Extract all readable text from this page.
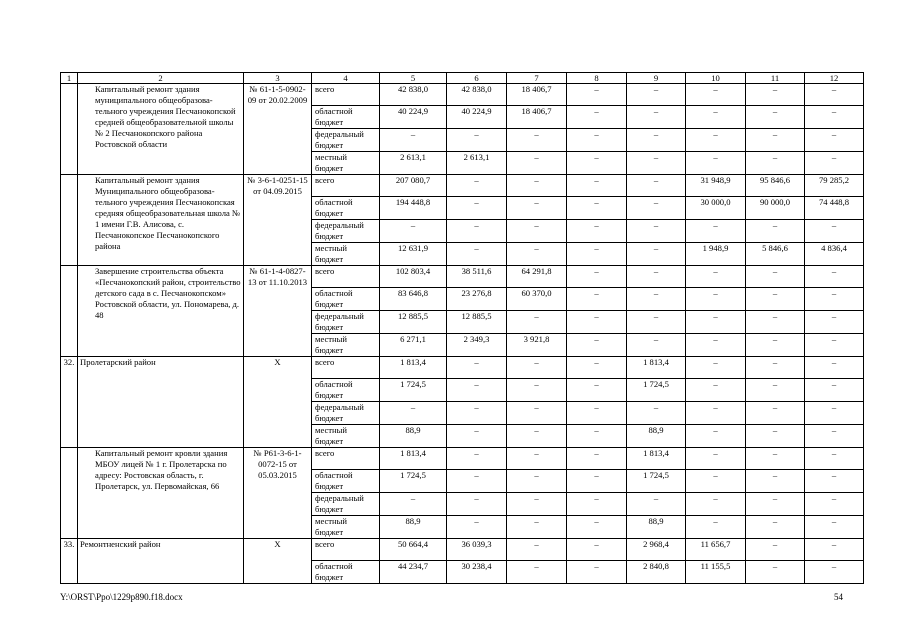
1	2	3	4	5	6	7	8	9	10	11	12
	Капитальный ремонт здания муниципального общеобразова-тельного учреждения Песчанокопской средней общеобразовательной школы № 2 Песчанокопского района Ростовской области	№ 61-1-5-0902-09 от 20.02.2009	всего	42 838,0	42 838,0	18 406,7	–	–	–	–	–
			областной бюджет	40 224,9	40 224,9	18 406,7	–	–	–	–	–
			федеральный бюджет	–	–	–	–	–	–	–	–
			местный бюджет	2 613,1	2 613,1	–	–	–	–	–	–
	Капитальный ремонт здания Муниципального общеобразова-тельного учреждения Песчанокопская средняя общеобразовательная школа № 1 имени Г.В. Алисова, с. Песчанокопское Песчанокопского района	№ 3-6-1-0251-15 от 04.09.2015	всего	207 080,7	–	–	–	–	31 948,9	95 846,6	79 285,2
			областной бюджет	194 448,8	–	–	–	–	30 000,0	90 000,0	74 448,8
			федеральный бюджет	–	–	–	–	–	–	–	–
			местный бюджет	12 631,9	–	–	–	–	1 948,9	5 846,6	4 836,4
	Завершение строительства объекта «Песчанокопский район, строительство детского сада в с. Песчанокопском» Ростовской области, ул. Пономарева, д. 48	№ 61-1-4-0827-13 от 11.10.2013	всего	102 803,4	38 511,6	64 291,8	–	–	–	–	–
			областной бюджет	83 646,8	23 276,8	60 370,0	–	–	–	–	–
			федеральный бюджет	12 885,5	12 885,5	–	–	–	–	–	–
			местный бюджет	6 271,1	2 349,3	3 921,8	–	–	–	–	–
32.	Пролетарский район	Х	всего	1 813,4	–	–	–	1 813,4	–	–	–
			областной бюджет	1 724,5	–	–	–	1 724,5	–	–	–
			федеральный бюджет	–	–	–	–	–	–	–	–
			местный бюджет	88,9	–	–	–	88,9	–	–	–
	Капитальный ремонт кровли здания МБОУ лицей № 1 г. Пролетарска по адресу: Ростовская область, г. Пролетарск, ул. Первомайская, 66	№ Р61-3-6-1-0072-15 от 05.03.2015	всего	1 813,4	–	–	–	1 813,4	–	–	–
			областной бюджет	1 724,5	–	–	–	1 724,5	–	–	–
			федеральный бюджет	–	–	–	–	–	–	–	–
			местный бюджет	88,9	–	–	–	88,9	–	–	–
33.	Ремонтненский район	Х	всего	50 664,4	36 039,3	–	–	2 968,4	11 656,7	–	–
			областной бюджет	44 234,7	30 238,4	–	–	2 840,8	11 155,5	–	–
Y:\ORST\Ppo\1229p890.f18.docx	54
